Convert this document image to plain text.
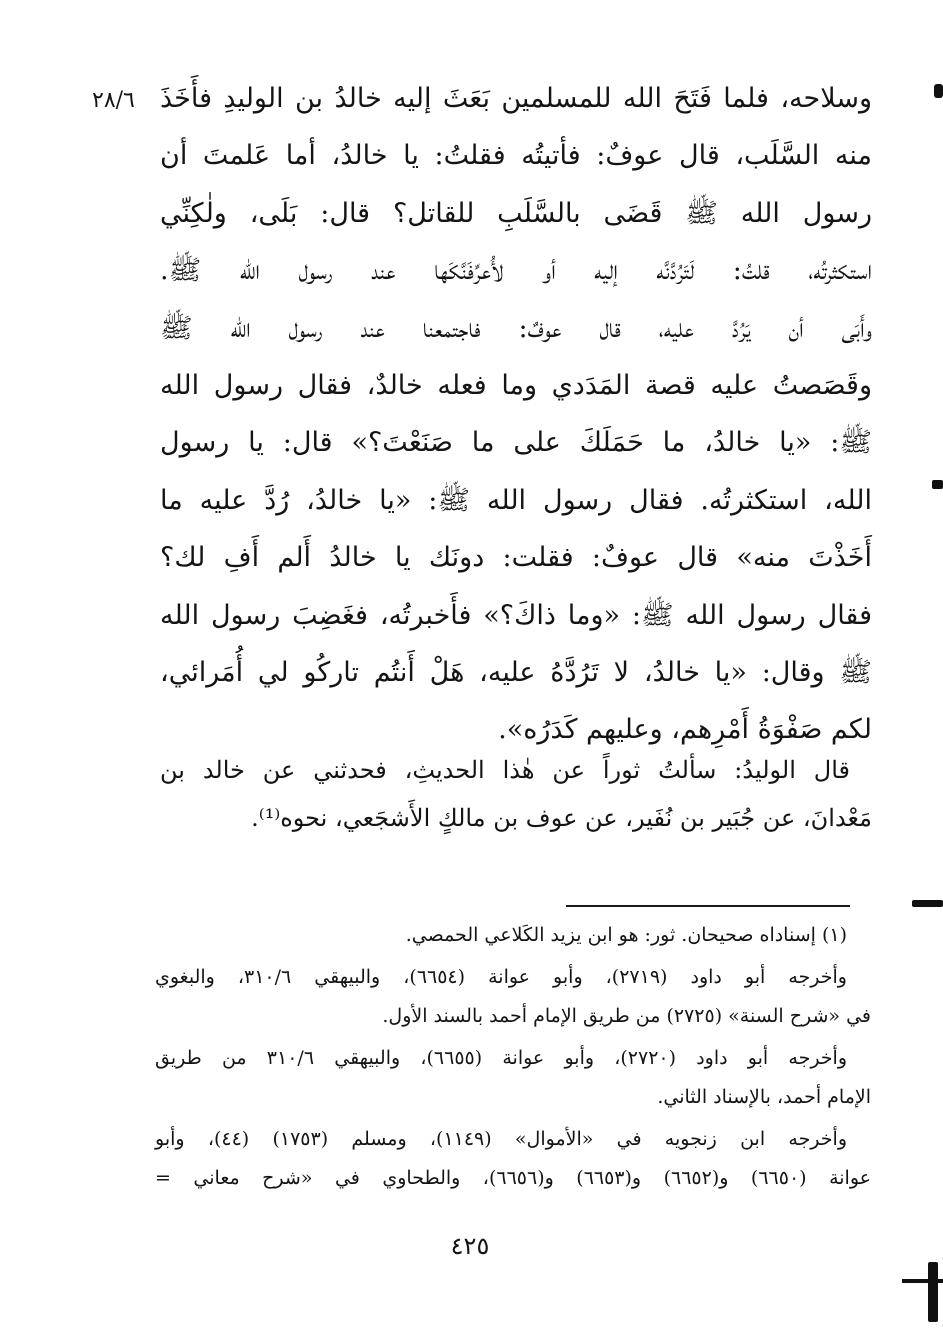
٢٨/٦ وسلاحه، فلما فَتَحَ الله للمسلمين بَعَثَ إليه خالدُ بن الوليدِ فأَخَذَ
منه السَّلَب، قال عوفٌ: فأتيتُه فقلتُ: يا خالدُ، أما عَلمتَ أن
رسول الله ﷺ قَضَى بالسَّلَبِ للقاتل؟ قال: بَلَى، ولٰكِنِّي
استكثرتُه، قلتُ: لَتَرُدَّنَّه إليه أو لأُعرِّفَنَّكَها عند رسول الله ﷺ.
وأَبَى أن يَرُدَّ عليه، قال عوفٌ: فاجتمعنا عند رسول الله ﷺ
وقَصَصتُ عليه قصة المَدَدي وما فعله خالدٌ، فقال رسول الله
ﷺ: «يا خالدُ، ما حَمَلَكَ على ما صَنَعْتَ؟» قال: يا رسول
الله، استكثرتُه. فقال رسول الله ﷺ: «يا خالدُ، رُدَّ عليه ما
أَخَذْتَ منه» قال عوفٌ: فقلت: دونَك يا خالدُ أَلم أَفِ لك؟
فقال رسول الله ﷺ: «وما ذاكَ؟» فأَخبرتُه، فغَضِبَ رسول الله
ﷺ وقال: «يا خالدُ، لا تَرُدَّهُ عليه، هَلْ أَنتُم تاركُو لي أُمَرائي،
لكم صَفْوَةُ أَمْرِهم، وعليهم كَدَرُه».
قال الوليدُ: سألتُ ثوراً عن هٰذا الحديثِ، فحدثني عن خالد بن
مَعْدانَ، عن جُبَير بن نُفَير، عن عوف بن مالكٍ الأَشجَعي، نحوه⁽¹⁾.
(١) إسناداه صحيحان. ثور: هو ابن يزيد الكَلاعي الحمصي.
وأخرجه أبو داود (٢٧١٩)، وأبو عوانة (٦٦٥٤)، والبيهقي ٣١٠/٦، والبغوي
في «شرح السنة» (٢٧٢٥) من طريق الإمام أحمد بالسند الأول.
وأخرجه أبو داود (٢٧٢٠)، وأبو عوانة (٦٦٥٥)، والبيهقي ٣١٠/٦ من طريق
الإمام أحمد، بالإسناد الثاني.
وأخرجه ابن زنجويه في «الأموال» (١١٤٩)، ومسلم (١٧٥٣) (٤٤)، وأبو
عوانة (٦٦٥٠) و(٦٦٥٢) و(٦٦٥٣) و(٦٦٥٦)، والطحاوي في «شرح معاني =
٤٢٥
